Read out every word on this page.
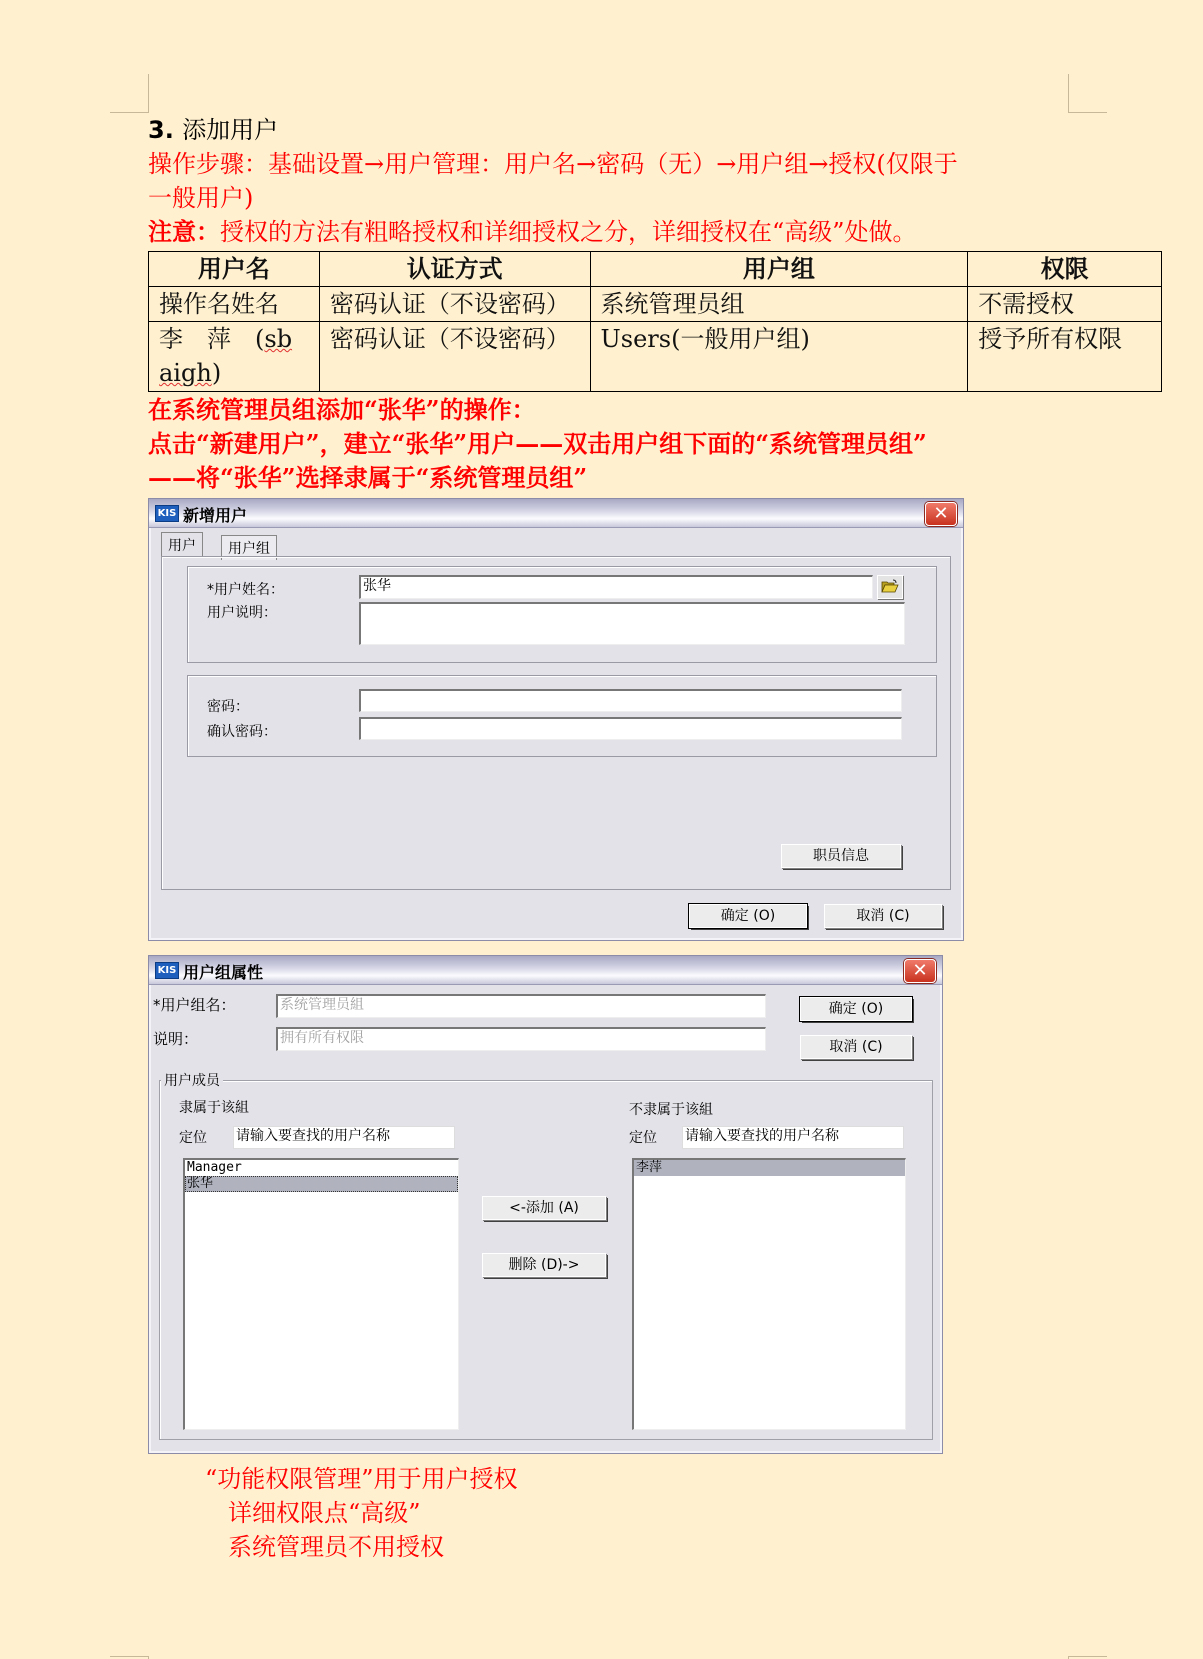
3. 添加用户
操作步骤：基础设置→用户管理：用户名→密码（无）→用户组→授权(仅限于
一般用户)
注意：授权的方法有粗略授权和详细授权之分，详细授权在“高级”处做。
用户名	认证方式	用户组	权限
操作名姓名	密码认证（不设密码）	系统管理员组	不需授权
李　萍　(sb
aigh)	密码认证（不设密码）	Users(一般用户组)	授予所有权限
在系统管理员组添加“张华”的操作：
点击“新建用户”，建立“张华”用户——双击用户组下面的“系统管理员组”
——将“张华”选择隶属于“系统管理员组”
KIS 新增用户	✕
用户	用户组
*用户姓名：	张华
用户说明：
密码：
确认密码：
职员信息
确定 (O)	取消 (C)
KIS 用户组属性	✕
*用户组名：	系统管理员組
说明：	拥有所有权限
确定 (O)
取消 (C)
用户成员
隶属于该組
定位 请输入要查找的用户名称
Manager
张华
<-添加 (A)
删除 (D)->
不隶属于该組
定位 请输入要查找的用户名称
李萍
“功能权限管理”用于用户授权
详细权限点“高级”
系统管理员不用授权
